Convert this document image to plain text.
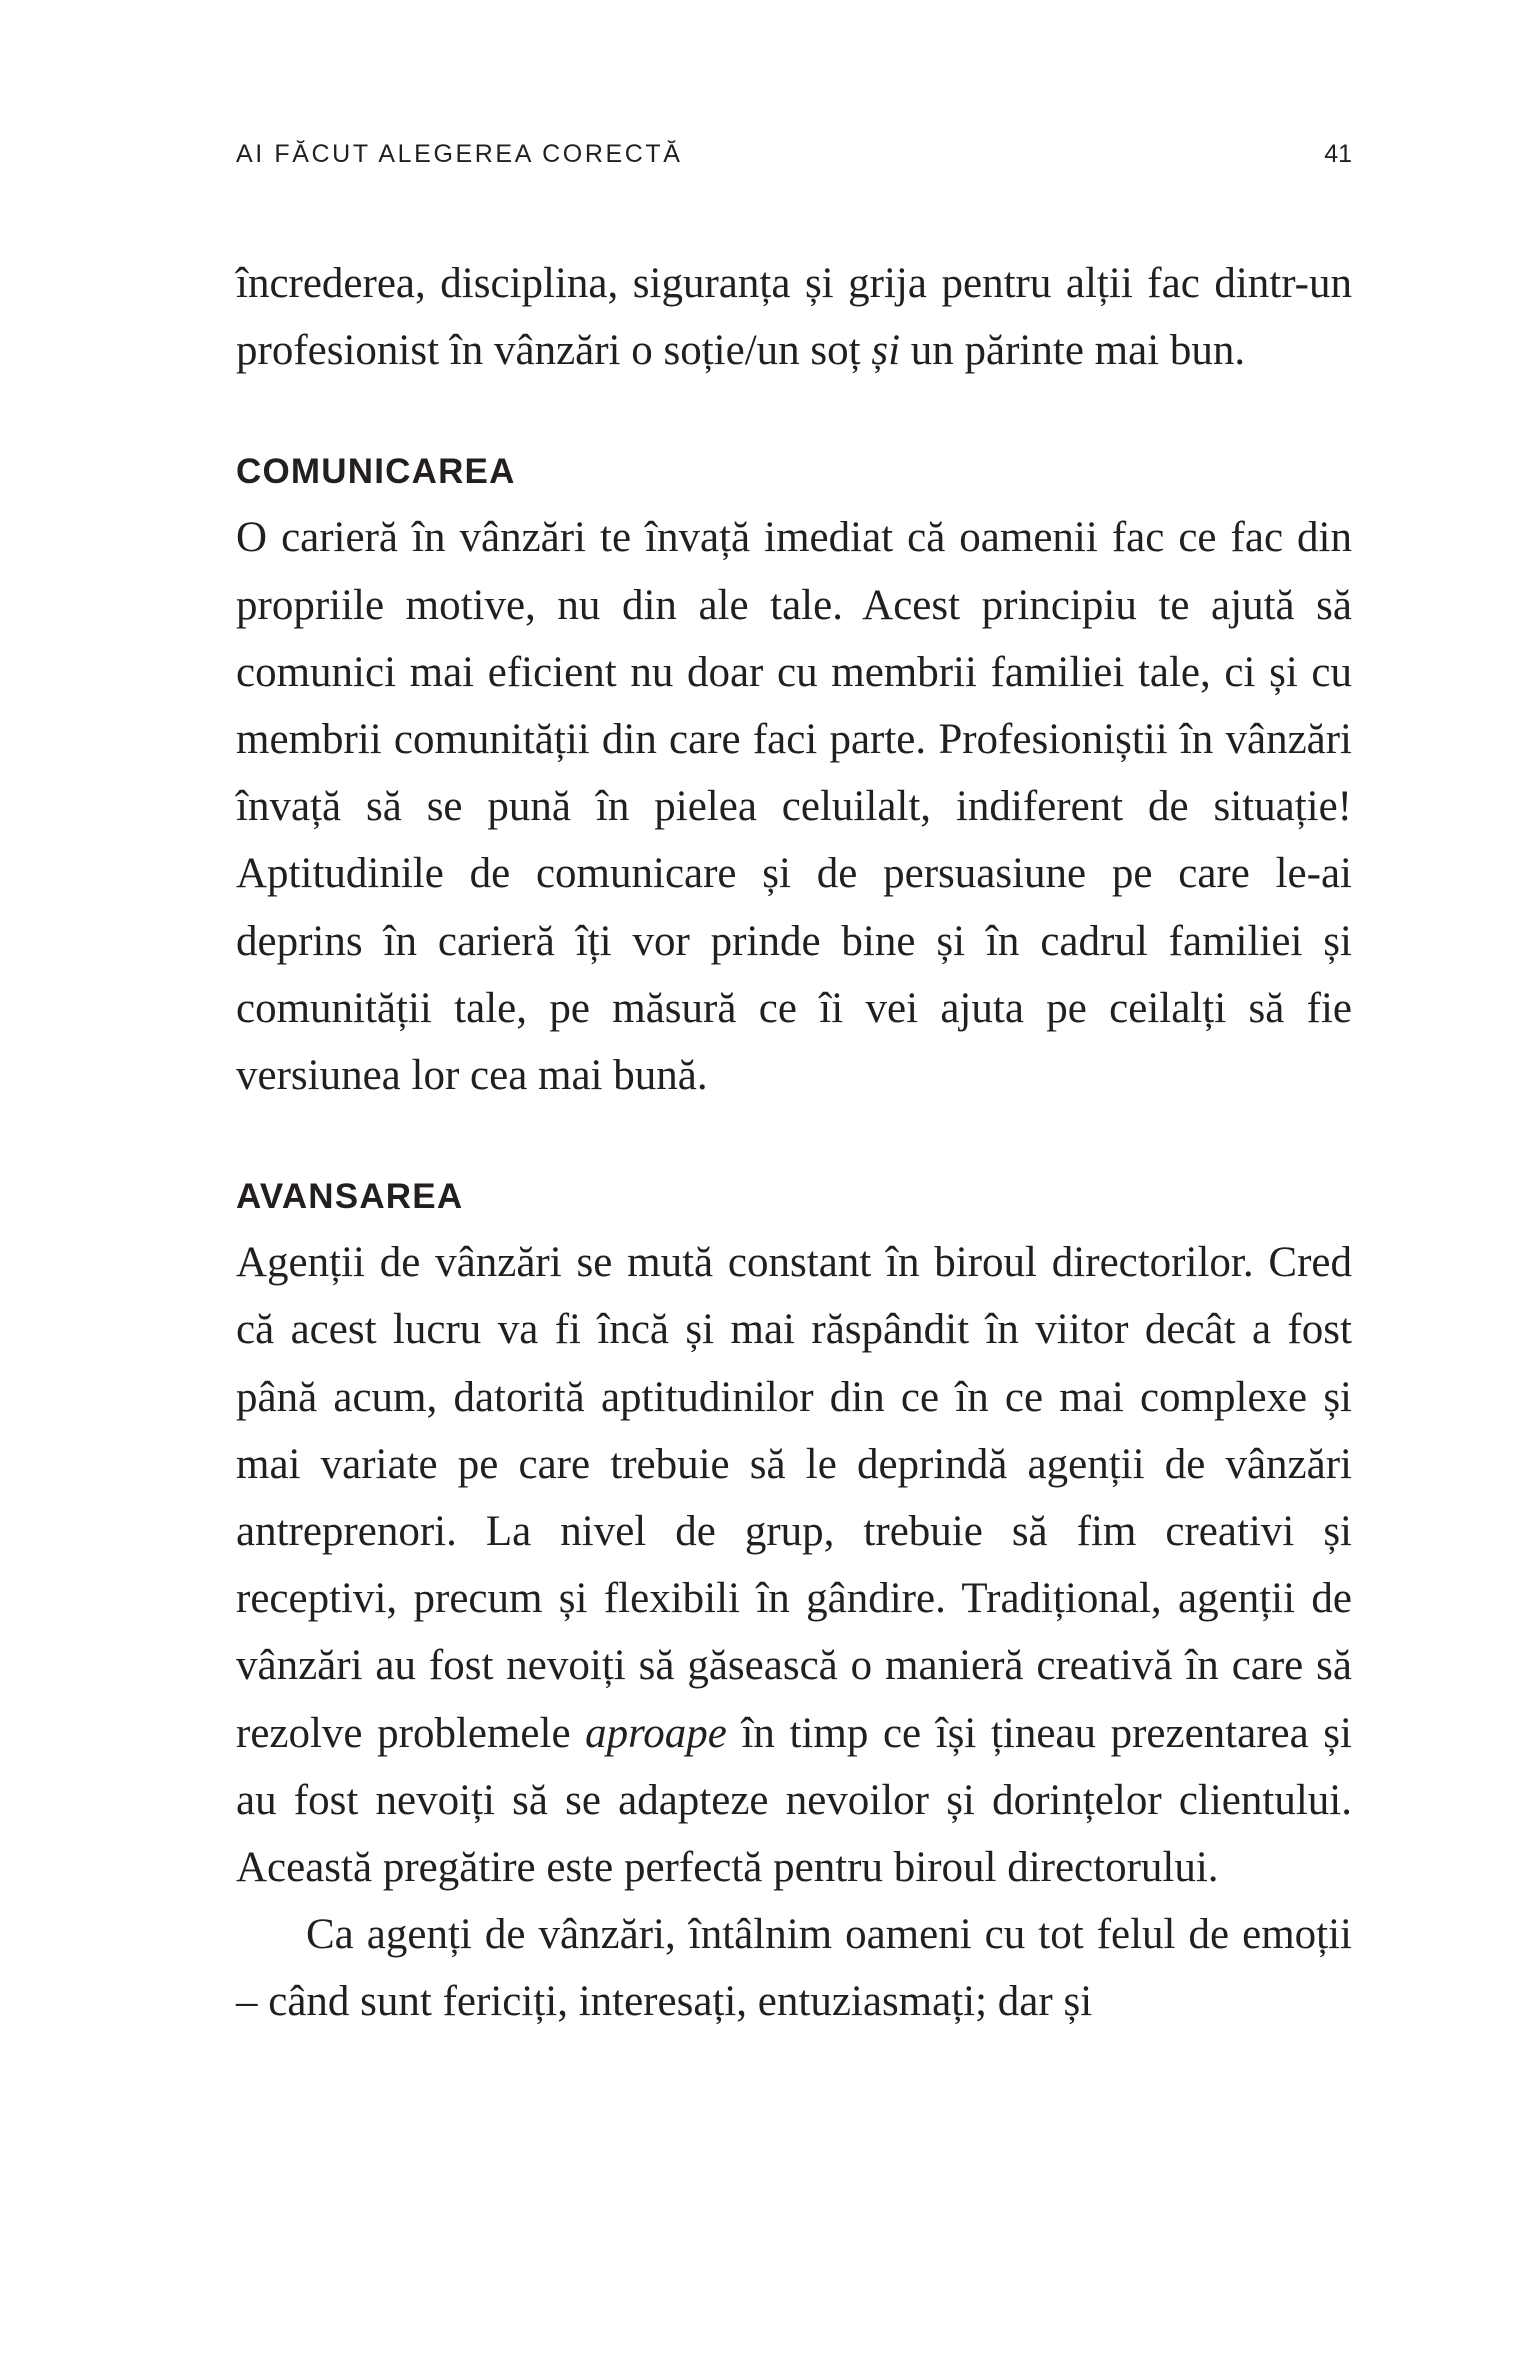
AI FĂCUT ALEGEREA CORECTĂ	41

încrederea, disciplina, siguranța și grija pentru alții fac dintr-un profesionist în vânzări o soție/un soț și un părinte mai bun.

COMUNICAREA

O carieră în vânzări te învață imediat că oamenii fac ce fac din propriile motive, nu din ale tale. Acest principiu te ajută să comunici mai eficient nu doar cu membrii familiei tale, ci și cu membrii comunității din care faci parte. Profesioniștii în vânzări învață să se pună în pielea celuilalt, indiferent de situație! Aptitudinile de comunicare și de persuasiune pe care le-ai deprins în carieră îți vor prinde bine și în cadrul familiei și comunității tale, pe măsură ce îi vei ajuta pe ceilalți să fie versiunea lor cea mai bună.

AVANSAREA

Agenții de vânzări se mută constant în biroul directorilor. Cred că acest lucru va fi încă și mai răspândit în viitor decât a fost până acum, datorită aptitudinilor din ce în ce mai complexe și mai variate pe care trebuie să le deprindă agenții de vânzări antreprenori. La nivel de grup, trebuie să fim creativi și receptivi, precum și flexibili în gândire. Tradițional, agenții de vânzări au fost nevoiți să găsească o manieră creativă în care să rezolve problemele aproape în timp ce își țineau prezentarea și au fost nevoiți să se adapteze nevoilor și dorințelor clientului. Această pregătire este perfectă pentru biroul directorului.

Ca agenți de vânzări, întâlnim oameni cu tot felul de emoții – când sunt fericiți, interesați, entuziasmați; dar și
